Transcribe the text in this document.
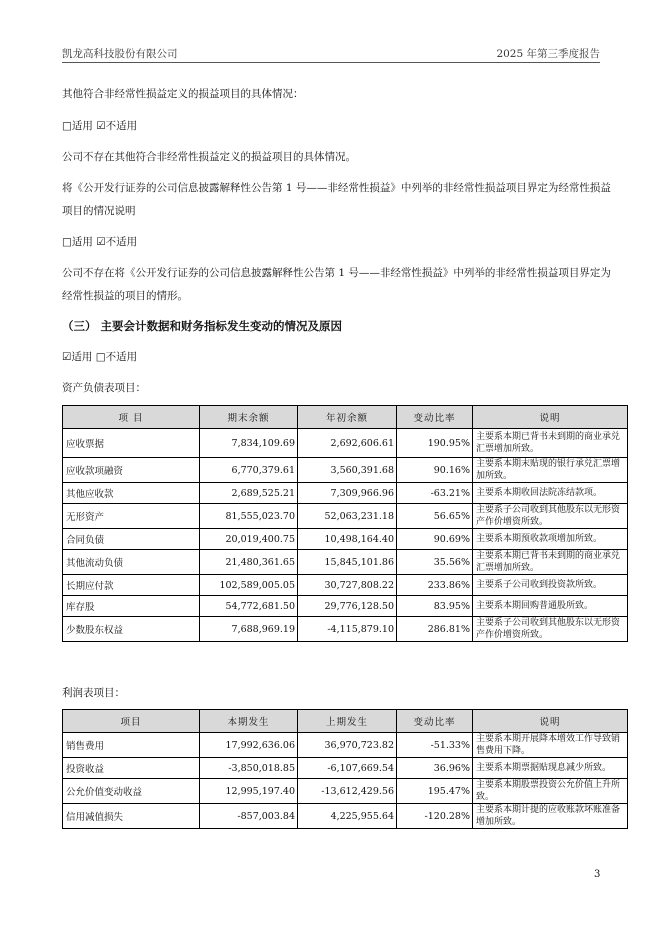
凯龙高科技股份有限公司	2025 年第三季度报告
其他符合非经常性损益定义的损益项目的具体情况：
□适用 ☑不适用
公司不存在其他符合非经常性损益定义的损益项目的具体情况。
将《公开发行证券的公司信息披露解释性公告第 1 号——非经常性损益》中列举的非经常性损益项目界定为经常性损益
项目的情况说明
□适用 ☑不适用
公司不存在将《公开发行证券的公司信息披露解释性公告第 1 号——非经常性损益》中列举的非经常性损益项目界定为
经常性损益的项目的情形。
（三） 主要会计数据和财务指标发生变动的情况及原因
☑适用 □不适用
资产负债表项目：
项 目	期末余额	年初余额	变动比率	说明
应收票据	7,834,109.69	2,692,606.61	190.95%	主要系本期已背书未到期的商业承兑汇票增加所致。
应收款项融资	6,770,379.61	3,560,391.68	90.16%	主要系本期末贴现的银行承兑汇票增加所致。
其他应收款	2,689,525.21	7,309,966.96	-63.21%	主要系本期收回法院冻结款项。
无形资产	81,555,023.70	52,063,231.18	56.65%	主要系子公司收到其他股东以无形资产作价增资所致。
合同负债	20,019,400.75	10,498,164.40	90.69%	主要系本期预收款项增加所致。
其他流动负债	21,480,361.65	15,845,101.86	35.56%	主要系本期已背书未到期的商业承兑汇票增加所致。
长期应付款	102,589,005.05	30,727,808.22	233.86%	主要系子公司收到投资款所致。
库存股	54,772,681.50	29,776,128.50	83.95%	主要系本期回购普通股所致。
少数股东权益	7,688,969.19	-4,115,879.10	286.81%	主要系子公司收到其他股东以无形资产作价增资所致。
利润表项目：
项目	本期发生	上期发生	变动比率	说明
销售费用	17,992,636.06	36,970,723.82	-51.33%	主要系本期开展降本增效工作导致销售费用下降。
投资收益	-3,850,018.85	-6,107,669.54	36.96%	主要系本期票据贴现息减少所致。
公允价值变动收益	12,995,197.40	-13,612,429.56	195.47%	主要系本期股票投资公允价值上升所致。
信用减值损失	-857,003.84	4,225,955.64	-120.28%	主要系本期计提的应收账款坏账准备增加所致。
3
